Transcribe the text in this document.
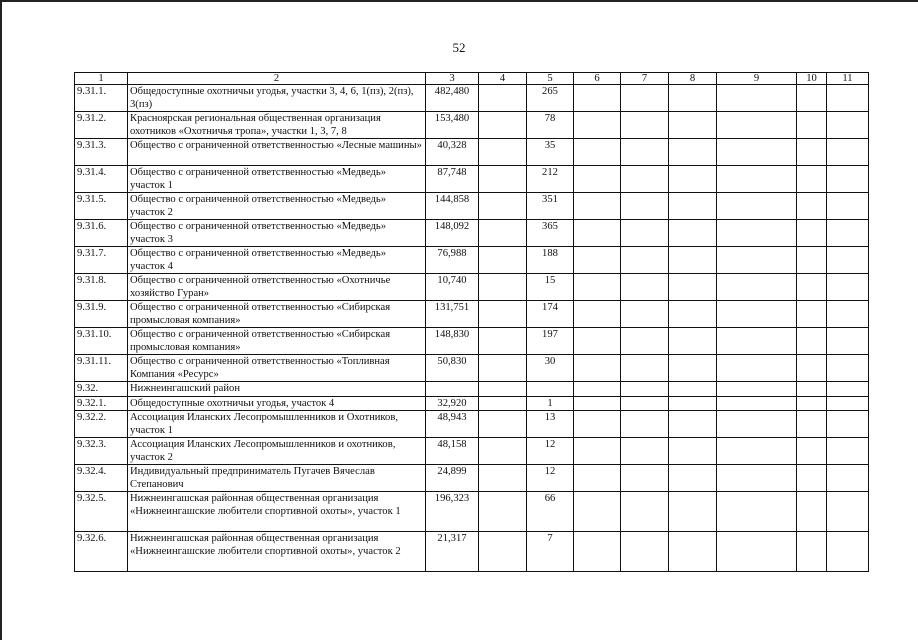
52
1	2	3	4	5	6	7	8	9	10	11
9.31.1.	Общедоступные охотничьи угодья, участки 3, 4, 6, 1(пз), 2(пз), 3(пз)	482,480		265						
9.31.2.	Красноярская региональная общественная организация охотников «Охотничья тропа», участки 1, 3, 7, 8	153,480		78						
9.31.3.	Общество с ограниченной ответственностью «Лесные машины»	40,328		35						
9.31.4.	Общество с ограниченной ответственностью «Медведь» участок 1	87,748		212						
9.31.5.	Общество с ограниченной ответственностью «Медведь» участок 2	144,858		351						
9.31.6.	Общество с ограниченной ответственностью «Медведь» участок 3	148,092		365						
9.31.7.	Общество с ограниченной ответственностью «Медведь» участок 4	76,988		188						
9.31.8.	Общество с ограниченной ответственностью «Охотничье хозяйство Гуран»	10,740		15						
9.31.9.	Общество с ограниченной ответственностью «Сибирская промысловая компания»	131,751		174						
9.31.10.	Общество с ограниченной ответственностью «Сибирская промысловая компания»	148,830		197						
9.31.11.	Общество с ограниченной ответственностью «Топливная Компания «Ресурс»	50,830		30						
9.32.	Нижнеингашский район									
9.32.1.	Общедоступные охотничьи угодья, участок 4	32,920		1						
9.32.2.	Ассоциация Иланских Лесопромышленников и Охотников, участок 1	48,943		13						
9.32.3.	Ассоциация Иланских Лесопромышленников и охотников, участок 2	48,158		12						
9.32.4.	Индивидуальный предприниматель Пугачев Вячеслав Степанович	24,899		12						
9.32.5.	Нижнеингашская районная общественная организация «Нижнеингашские любители спортивной охоты», участок 1	196,323		66						
9.32.6.	Нижнеингашская районная общественная организация «Нижнеингашские любители спортивной охоты», участок 2	21,317		7						
